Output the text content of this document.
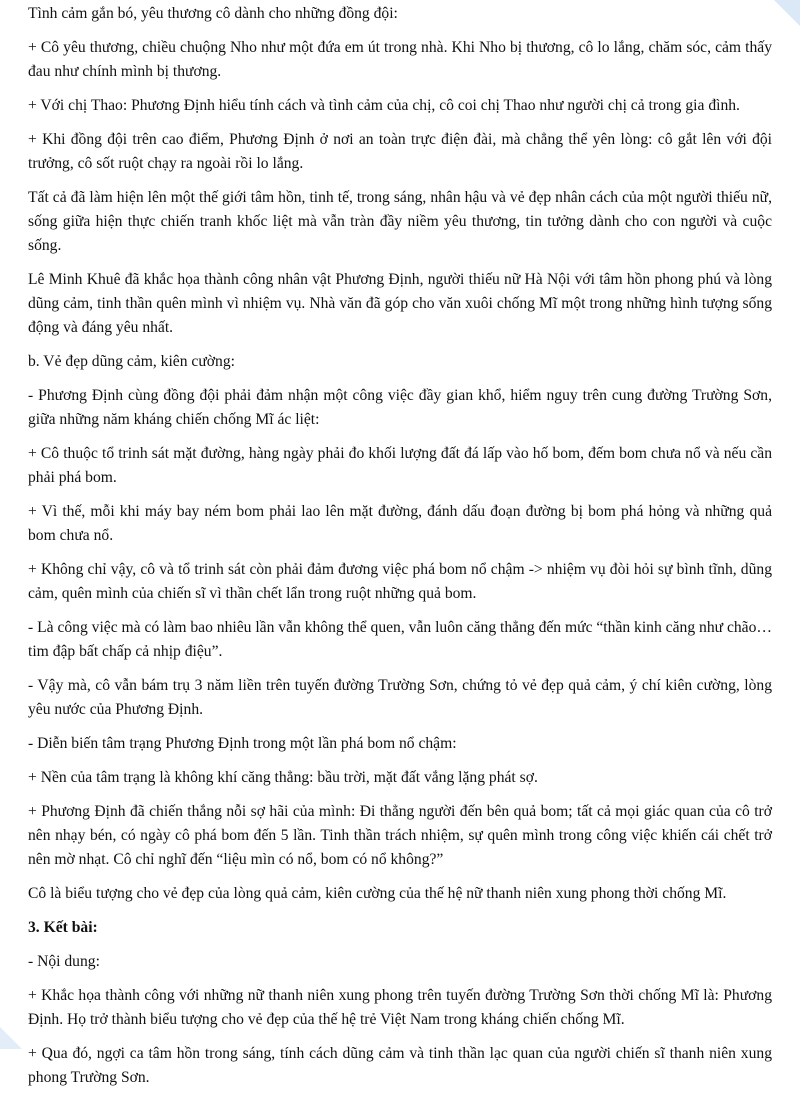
Tình cảm gắn bó, yêu thương cô dành cho những đồng đội:

+ Cô yêu thương, chiều chuộng Nho như một đứa em út trong nhà. Khi Nho bị thương, cô lo lắng, chăm sóc, cảm thấy đau như chính mình bị thương.

+ Với chị Thao: Phương Định hiểu tính cách và tình cảm của chị, cô coi chị Thao như người chị cả trong gia đình.

+ Khi đồng đội trên cao điểm, Phương Định ở nơi an toàn trực điện đài, mà chẳng thể yên lòng: cô gắt lên với đội trưởng, cô sốt ruột chạy ra ngoài rồi lo lắng.

Tất cả đã làm hiện lên một thế giới tâm hồn, tinh tế, trong sáng, nhân hậu và vẻ đẹp nhân cách của một người thiếu nữ, sống giữa hiện thực chiến tranh khốc liệt mà vẫn tràn đầy niềm yêu thương, tin tưởng dành cho con người và cuộc sống.

Lê Minh Khuê đã khắc họa thành công nhân vật Phương Định, người thiếu nữ Hà Nội với tâm hồn phong phú và lòng dũng cảm, tinh thần quên mình vì nhiệm vụ. Nhà văn đã góp cho văn xuôi chống Mĩ một trong những hình tượng sống động và đáng yêu nhất.

b. Vẻ đẹp dũng cảm, kiên cường:

- Phương Định cùng đồng đội phải đảm nhận một công việc đầy gian khổ, hiểm nguy trên cung đường Trường Sơn, giữa những năm kháng chiến chống Mĩ ác liệt:

+ Cô thuộc tổ trinh sát mặt đường, hàng ngày phải đo khối lượng đất đá lấp vào hố bom, đếm bom chưa nổ và nếu cần phải phá bom.

+ Vì thế, mỗi khi máy bay ném bom phải lao lên mặt đường, đánh dấu đoạn đường bị bom phá hỏng và những quả bom chưa nổ.

+ Không chỉ vậy, cô và tổ trinh sát còn phải đảm đương việc phá bom nổ chậm -> nhiệm vụ đòi hỏi sự bình tĩnh, dũng cảm, quên mình của chiến sĩ vì thần chết lẩn trong ruột những quả bom.

- Là công việc mà có làm bao nhiêu lần vẫn không thể quen, vẫn luôn căng thẳng đến mức “thần kinh căng như chão… tim đập bất chấp cả nhịp điệu”.

- Vậy mà, cô vẫn bám trụ 3 năm liền trên tuyến đường Trường Sơn, chứng tỏ vẻ đẹp quả cảm, ý chí kiên cường, lòng yêu nước của Phương Định.

- Diễn biến tâm trạng Phương Định trong một lần phá bom nổ chậm:

+ Nền của tâm trạng là không khí căng thẳng: bầu trời, mặt đất vắng lặng phát sợ.

+ Phương Định đã chiến thắng nỗi sợ hãi của mình: Đi thẳng người đến bên quả bom; tất cả mọi giác quan của cô trở nên nhạy bén, có ngày cô phá bom đến 5 lần. Tinh thần trách nhiệm, sự quên mình trong công việc khiến cái chết trở nên mờ nhạt. Cô chỉ nghĩ đến “liệu mìn có nổ, bom có nổ không?”

Cô là biểu tượng cho vẻ đẹp của lòng quả cảm, kiên cường của thế hệ nữ thanh niên xung phong thời chống Mĩ.

3. Kết bài:

- Nội dung:

+ Khắc họa thành công với những nữ thanh niên xung phong trên tuyến đường Trường Sơn thời chống Mĩ là: Phương Định. Họ trở thành biểu tượng cho vẻ đẹp của thế hệ trẻ Việt Nam trong kháng chiến chống Mĩ.

+ Qua đó, ngợi ca tâm hồn trong sáng, tính cách dũng cảm và tinh thần lạc quan của người chiến sĩ thanh niên xung phong Trường Sơn.
